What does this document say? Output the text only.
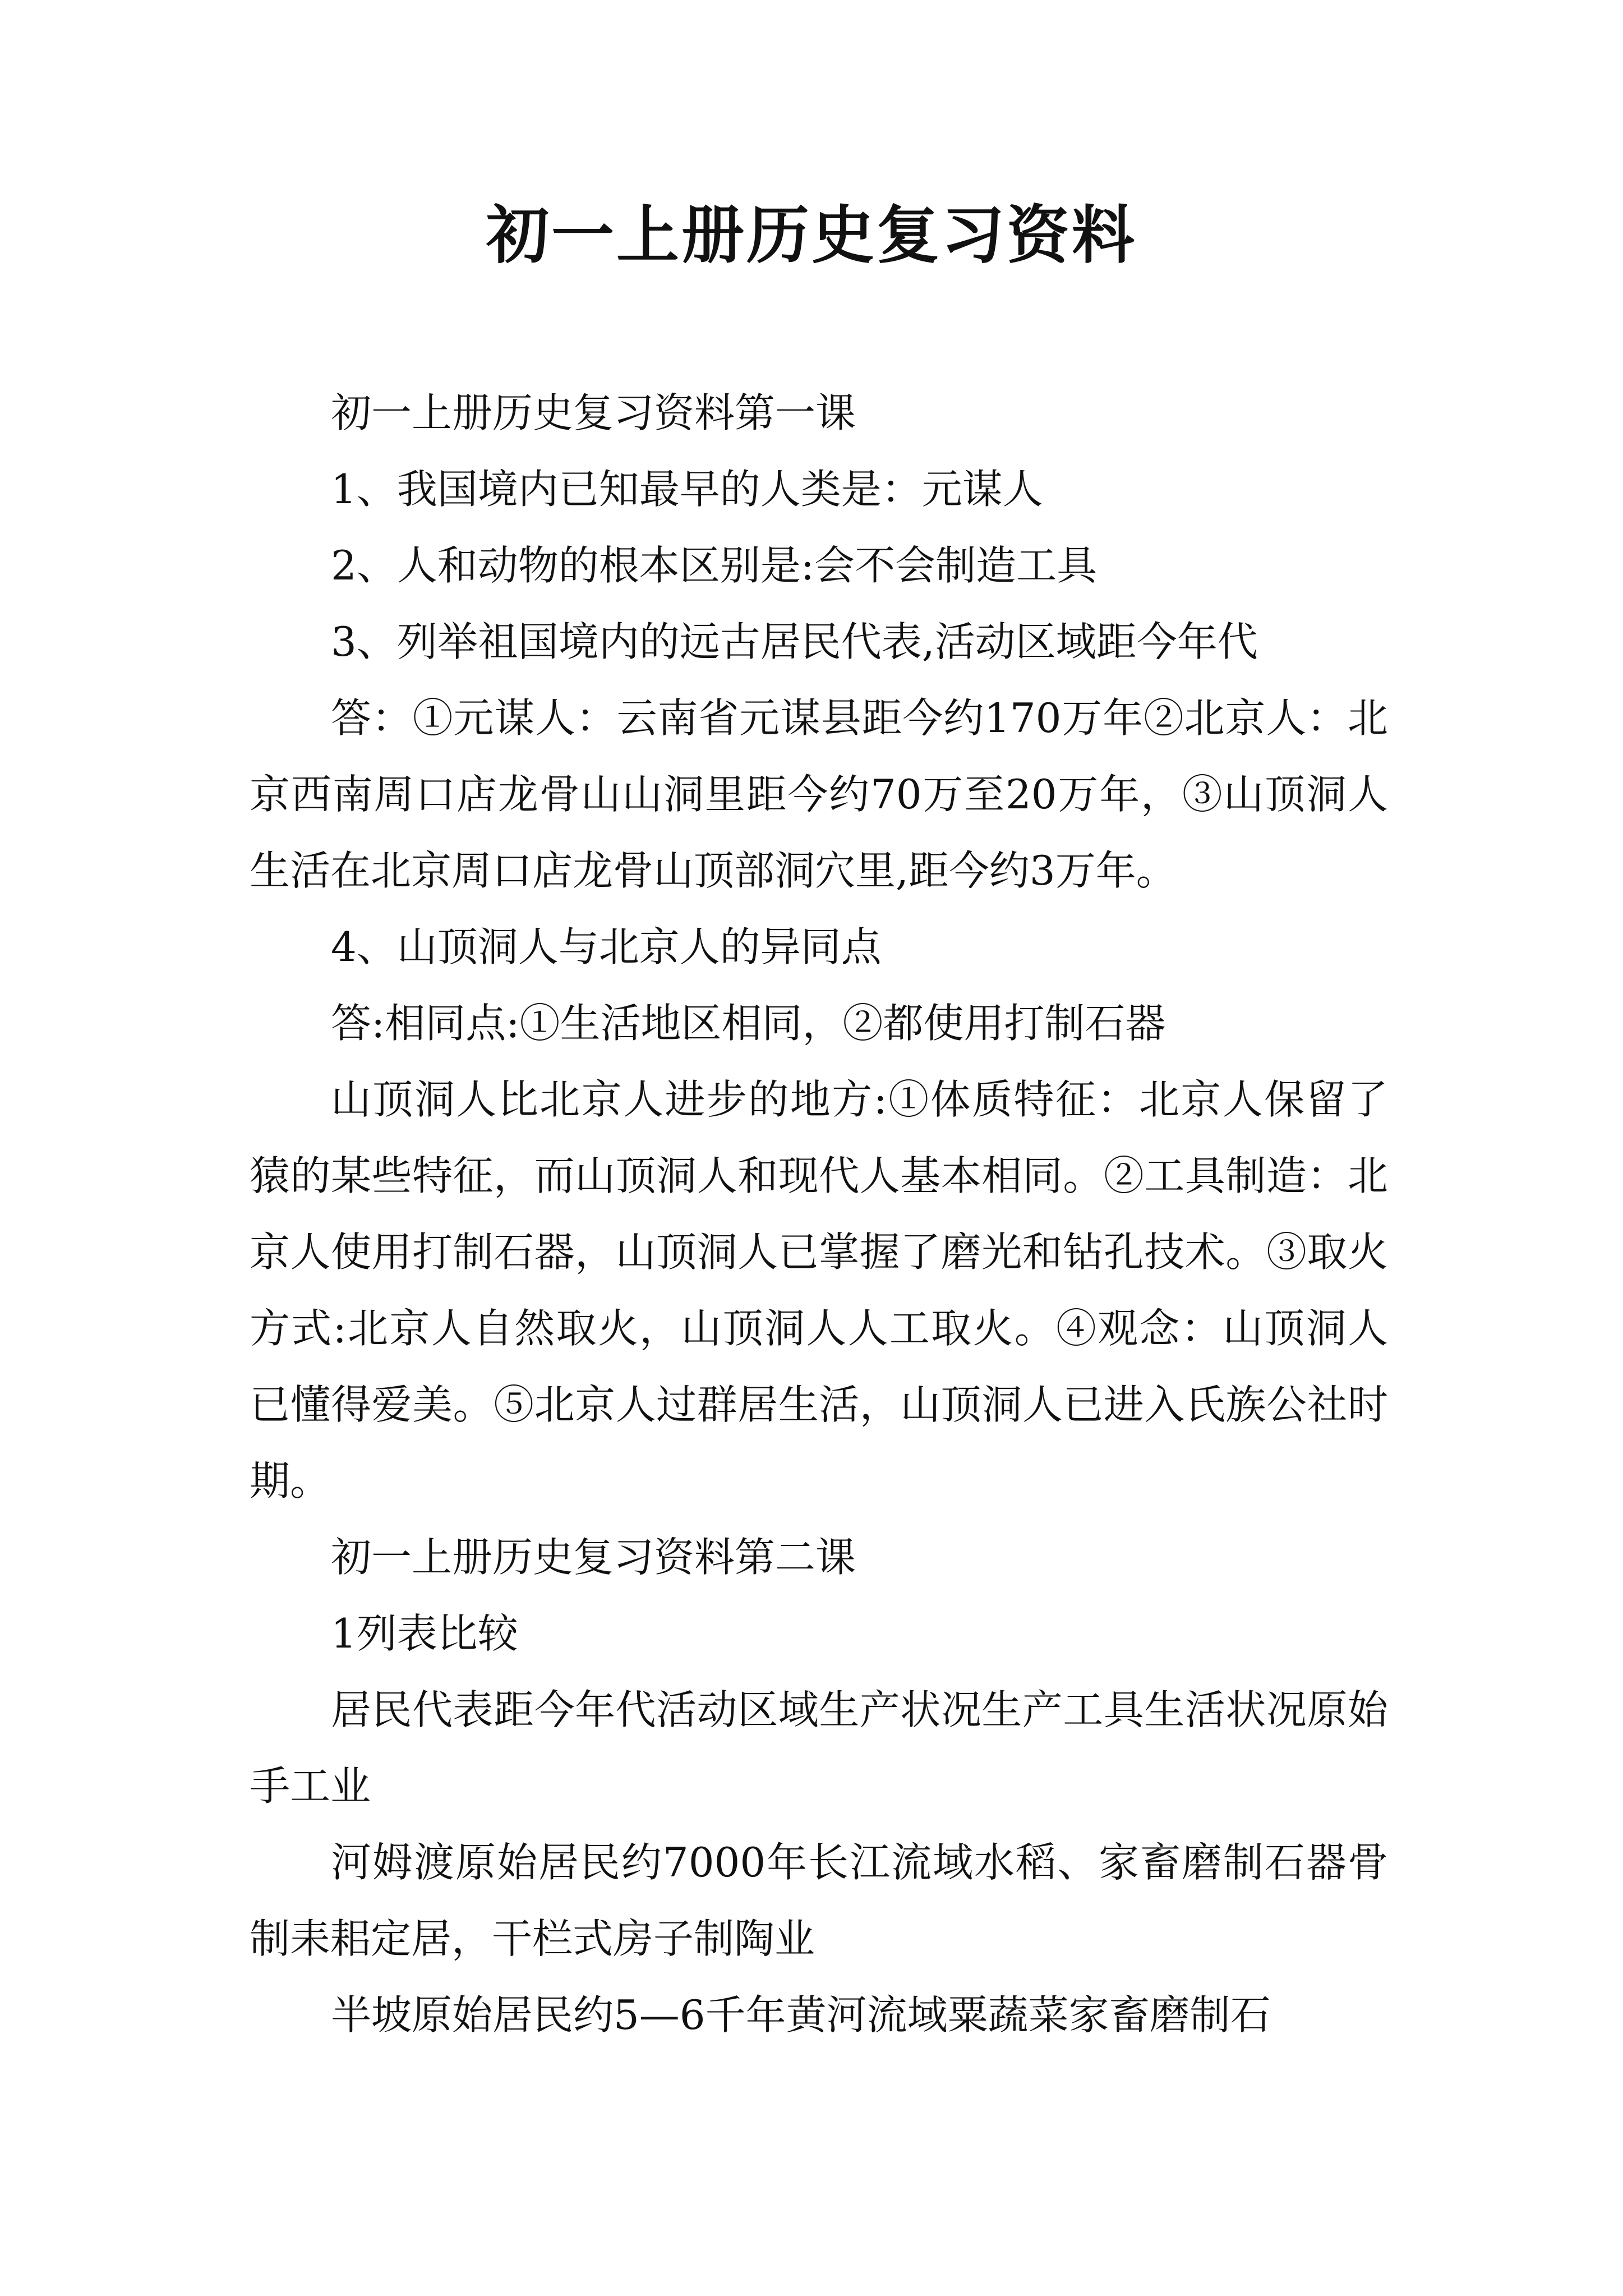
初一上册历史复习资料

初一上册历史复习资料第一课

1、我国境内已知最早的人类是：元谋人

2、人和动物的根本区别是:会不会制造工具

3、列举祖国境内的远古居民代表,活动区域距今年代

答：①元谋人：云南省元谋县距今约170万年②北京人：北京西南周口店龙骨山山洞里距今约70万至20万年，③山顶洞人生活在北京周口店龙骨山顶部洞穴里,距今约3万年。

4、山顶洞人与北京人的异同点

答:相同点:①生活地区相同，②都使用打制石器

山顶洞人比北京人进步的地方:①体质特征：北京人保留了猿的某些特征，而山顶洞人和现代人基本相同。②工具制造：北京人使用打制石器，山顶洞人已掌握了磨光和钻孔技术。③取火方式:北京人自然取火，山顶洞人人工取火。④观念：山顶洞人已懂得爱美。⑤北京人过群居生活，山顶洞人已进入氏族公社时期。

初一上册历史复习资料第二课

1列表比较

居民代表距今年代活动区域生产状况生产工具生活状况原始手工业

河姆渡原始居民约7000年长江流域水稻、家畜磨制石器骨制耒耜定居，干栏式房子制陶业

半坡原始居民约5—6千年黄河流域粟蔬菜家畜磨制石
